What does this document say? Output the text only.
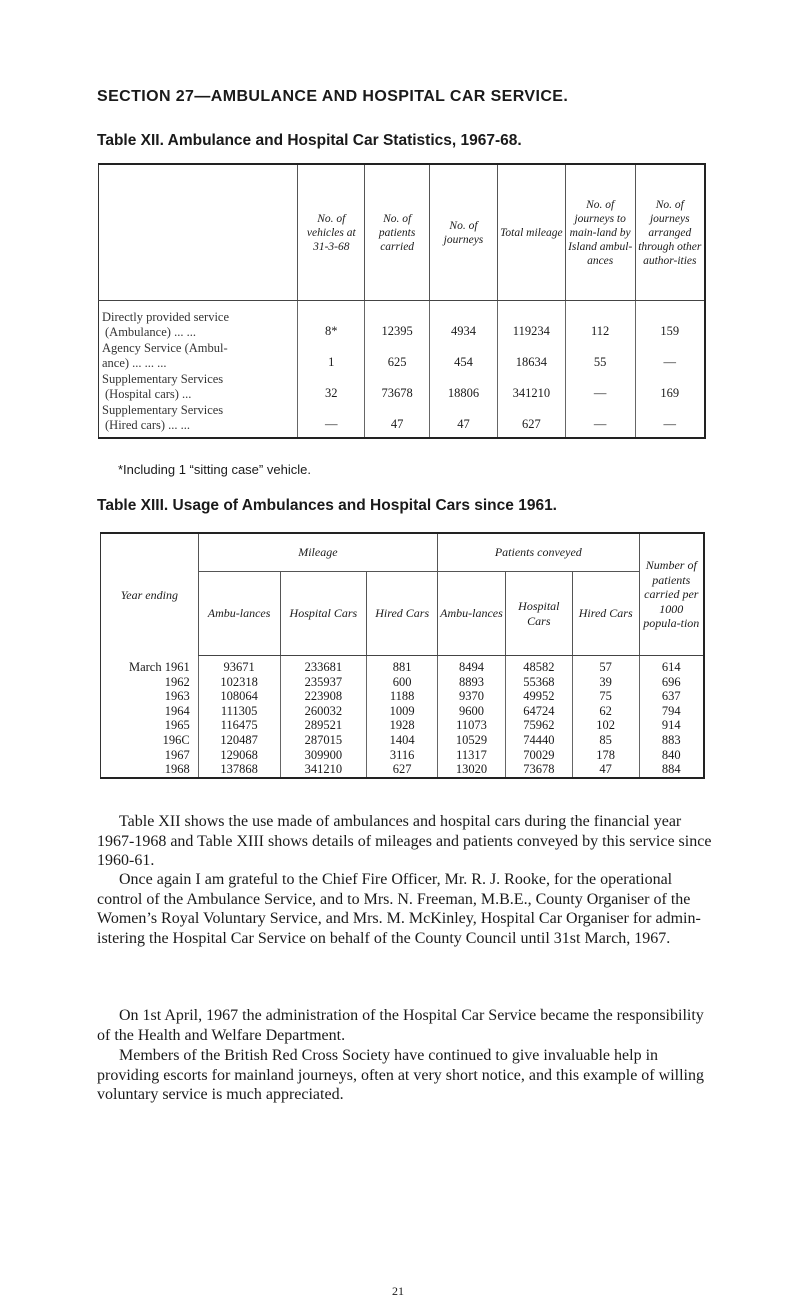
SECTION 27—AMBULANCE AND HOSPITAL CAR SERVICE.
Table XII. Ambulance and Hospital Car Statistics, 1967-68.
	No. of vehicles at 31-3-68	No. of patients carried	No. of journeys	Total mileage	No. of journeys to main-land by Island ambul-ances	No. of journeys arranged through other author-ities

Directly provided service
(Ambulance) ... ...	8*	12395	4934	119234	112	159

Agency Service (Ambul-
ance) ... ... ...	1	625	454	18634	55	—

Supplementary Services
(Hospital cars) ...	32	73678	18806	341210	—	169

Supplementary Services
(Hired cars) ... ...	—	47	47	627	—	—
*Including 1 “sitting case” vehicle.
Table XIII. Usage of Ambulances and Hospital Cars since 1961.
Year ending	Mileage			Patients conveyed			Number of patients carried per 1000 popula-tion
	Ambu-lances	Hospital Cars	Hired Cars	Ambu-lances	Hospital Cars	Hired Cars	
March 1961	93671	233681	881	8494	48582	57	614
1962	102318	235937	600	8893	55368	39	696
1963	108064	223908	1188	9370	49952	75	637
1964	111305	260032	1009	9600	64724	62	794
1965	116475	289521	1928	11073	75962	102	914
196C	120487	287015	1404	10529	74440	85	883
1967	129068	309900	3116	11317	70029	178	840
1968	137868	341210	627	13020	73678	47	884

Table XII shows the use made of ambulances and hospital cars during the financial year 1967-1968 and Table XIII shows details of mileages and patients conveyed by this service since 1960-61.

Once again I am grateful to the Chief Fire Officer, Mr. R. J. Rooke, for the operational control of the Ambulance Service, and to Mrs. N. Freeman, M.B.E., County Organiser of the Women’s Royal Voluntary Service, and Mrs. M. McKinley, Hospital Car Organiser for admin-istering the Hospital Car Service on behalf of the County Council until 31st March, 1967.

On 1st April, 1967 the administration of the Hospital Car Service became the responsibility of the Health and Welfare Department.

Members of the British Red Cross Society have continued to give invaluable help in providing escorts for mainland journeys, often at very short notice, and this example of willing voluntary service is much appreciated.

21
